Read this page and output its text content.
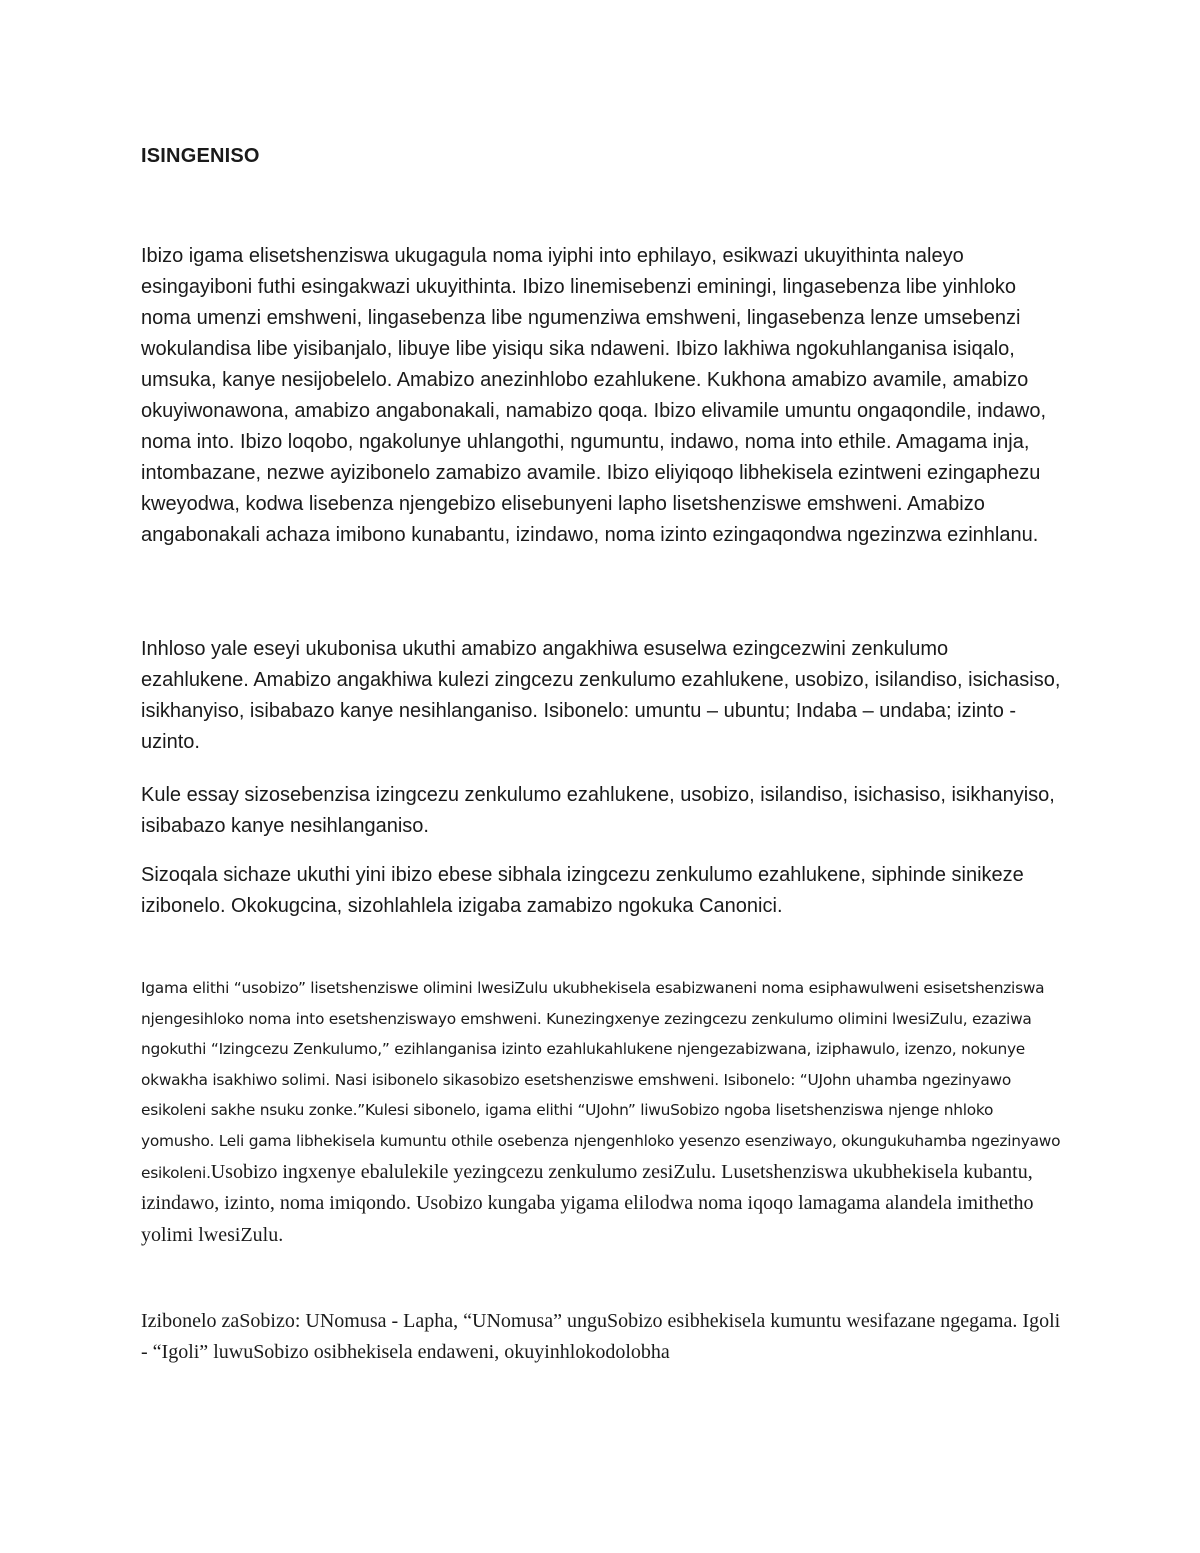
ISINGENISO

Ibizo igama elisetshenziswa ukugagula noma iyiphi into ephilayo, esikwazi ukuyithinta naleyo esingayiboni futhi esingakwazi ukuyithinta. Ibizo linemisebenzi eminingi, lingasebenza libe yinhloko noma umenzi emshweni, lingasebenza libe ngumenziwa emshweni, lingasebenza lenze umsebenzi wokulandisa libe yisibanjalo, libuye libe yisiqu sika ndaweni. Ibizo lakhiwa ngokuhlanganisa isiqalo, umsuka, kanye nesijobelelo. Amabizo anezinhlobo ezahlukene. Kukhona amabizo avamile, amabizo okuyiwonawona, amabizo angabonakali, namabizo qoqa. Ibizo elivamile umuntu ongaqondile, indawo, noma into. Ibizo loqobo, ngakolunye uhlangothi, ngumuntu, indawo, noma into ethile. Amagama inja, intombazane, nezwe ayizibonelo zamabizo avamile. Ibizo eliyiqoqo libhekisela ezintweni ezingaphezu kweyodwa, kodwa lisebenza njengebizo elisebunyeni lapho lisetshenziswe emshweni. Amabizo angabonakali achaza imibono kunabantu, izindawo, noma izinto ezingaqondwa ngezinzwa ezinhlanu.

Inhloso yale eseyi ukubonisa ukuthi amabizo angakhiwa esuselwa ezingcezwini zenkulumo ezahlukene. Amabizo angakhiwa kulezi zingcezu zenkulumo ezahlukene, usobizo, isilandiso, isichasiso, isikhanyiso, isibabazo kanye nesihlanganiso. Isibonelo: umuntu – ubuntu; Indaba – undaba; izinto -uzinto.

Kule essay sizosebenzisa izingcezu zenkulumo ezahlukene, usobizo, isilandiso, isichasiso, isikhanyiso, isibabazo kanye nesihlanganiso.

Sizoqala sichaze ukuthi yini ibizo ebese sibhala izingcezu zenkulumo ezahlukene, siphinde sinikeze izibonelo. Okokugcina, sizohlahlela izigaba zamabizo ngokuka Canonici.

Igama elithi “usobizo” lisetshenziswe olimini lwesiZulu ukubhekisela esabizwaneni noma esiphawulweni esisetshenziswa njengesihloko noma into esetshenziswayo emshweni. Kunezingxenye zezingcezu zenkulumo olimini lwesiZulu, ezaziwa ngokuthi “Izingcezu Zenkulumo,” ezihlanganisa izinto ezahlukahlukene njengezabizwana, iziphawulo, izenzo, nokunye okwakha isakhiwo solimi. Nasi isibonelo sikasobizo esetshenziswe emshweni. Isibonelo: “UJohn uhamba ngezinyawo esikoleni sakhe nsuku zonke.”Kulesi sibonelo, igama elithi “UJohn” liwuSobizo ngoba lisetshenziswa njenge nhloko yomusho. Leli gama libhekisela kumuntu othile osebenza njengenhloko yesenzo esenziwayo, okungukuhamba ngezinyawo esikoleni.Usobizo ingxenye ebalulekile yezingcezu zenkulumo zesiZulu. Lusetshenziswa ukubhekisela kubantu, izindawo, izinto, noma imiqondo. Usobizo kungaba yigama elilodwa noma iqoqo lamagama alandela imithetho yolimi lwesiZulu.

Izibonelo zaSobizo: UNomusa - Lapha, “UNomusa” unguSobizo esibhekisela kumuntu wesifazane ngegama. Igoli - “Igoli” luwuSobizo osibhekisela endaweni, okuyinhlokodolobha
